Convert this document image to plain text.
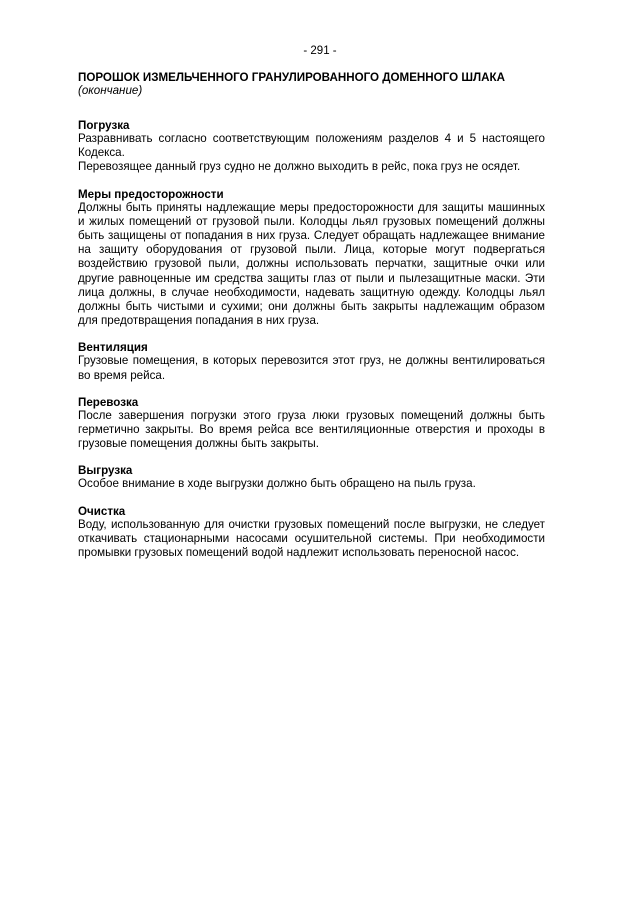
- 291 -

ПОРОШОК ИЗМЕЛЬЧЕННОГО ГРАНУЛИРОВАННОГО ДОМЕННОГО ШЛАКА

(окончание)

Погрузка

Разравнивать согласно соответствующим положениям разделов 4 и 5 настоящего Кодекса.

Перевозящее данный груз судно не должно выходить в рейс, пока груз не осядет.

Меры предосторожности

Должны быть приняты надлежащие меры предосторожности для защиты машинных и жилых помещений от грузовой пыли. Колодцы льял грузовых помещений должны быть защищены от попадания в них груза. Следует обращать надлежащее внимание на защиту оборудования от грузовой пыли. Лица, которые могут подвергаться воздействию грузовой пыли, должны использовать перчатки, защитные очки или другие равноценные им средства защиты глаз от пыли и пылезащитные маски. Эти лица должны, в случае необходимости, надевать защитную одежду. Колодцы льял должны быть чистыми и сухими; они должны быть закрыты надлежащим образом для предотвращения попадания в них груза.

Вентиляция

Грузовые помещения, в которых перевозится этот груз, не должны вентилироваться во время рейса.

Перевозка

После завершения погрузки этого груза люки грузовых помещений должны быть герметично закрыты. Во время рейса все вентиляционные отверстия и проходы в грузовые помещения должны быть закрыты.

Выгрузка

Особое внимание в ходе выгрузки должно быть обращено на пыль груза.

Очистка

Воду, использованную для очистки грузовых помещений после выгрузки, не следует откачивать стационарными насосами осушительной системы. При необходимости промывки грузовых помещений водой надлежит использовать переносной насос.
